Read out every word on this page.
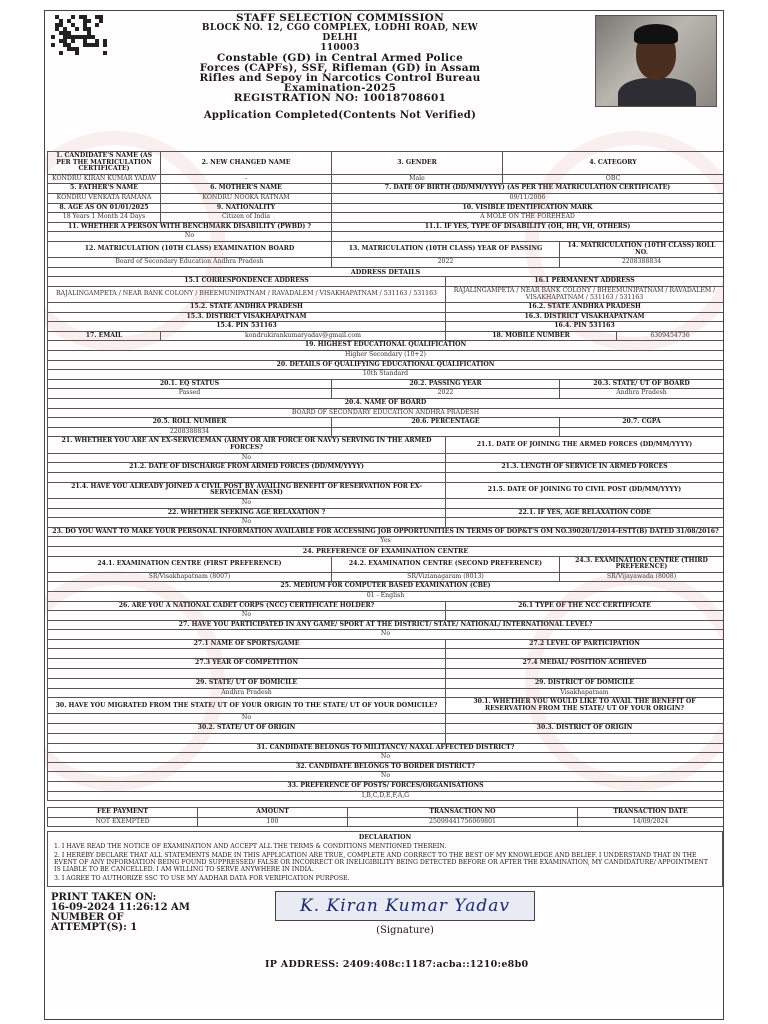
STAFF SELECTION COMMISSION
BLOCK NO. 12, CGO COMPLEX, LODHI ROAD, NEW DELHI
110003
Constable (GD) in Central Armed Police Forces (CAPFs), SSF, Rifleman (GD) in Assam Rifles and Sepoy in Narcotics Control Bureau Examination-2025
REGISTRATION NO: 10018708601
Application Completed(Contents Not Verified)
1. CANDIDATE'S NAME (AS PER THE MATRICULATION CERTIFICATE)	2. NEW CHANGED NAME	3. GENDER		4. CATEGORY		
KONDRU KIRAN KUMAR YADAV	-	Male		OBC		
5. FATHER'S NAME	6. MOTHER'S NAME	7. DATE OF BIRTH (DD/MM/YYYY) (AS PER THE MATRICULATION CERTIFICATE)				
KONDRU VENKATA RAMANA	KONDRU NOOKA RATNAM	09/11/2006				
8. AGE AS ON 01/01/2025	9. NATIONALITY	10. VISIBLE IDENTIFICATION MARK				
18 Years 1 Month 24 Days	Citizen of India	A MOLE ON THE FOREHEAD				
11. WHETHER A PERSON WITH BENCHMARK DISABILITY (PWBD) ?		11.1. IF YES, TYPE OF DISABILITY (OH, HH, VH, OTHERS)				
No						
12. MATRICULATION (10TH CLASS) EXAMINATION BOARD		13. MATRICULATION (10TH CLASS) YEAR OF PASSING			14. MATRICULATION (10TH CLASS) ROLL NO.	
Board of Secondary Education Andhra Pradesh		2022			2208388834	
ADDRESS DETAILS						
15.1 CORRESPONDENCE ADDRESS			16.1 PERMANENT ADDRESS			
RAJALINGAMPETA / NEAR BANK COLONY / BHEEMUNIPATNAM / RAVADALEM / VISAKHAPATNAM / 531163 / 531163			RAJALINGAMPETA / NEAR BANK COLONY / BHEEMUNIPATNAM / RAVADALEM / VISAKHAPATNAM / 531163 / 531163			
15.2. STATE ANDHRA PRADESH			16.2. STATE ANDHRA PRADESH			
15.3. DISTRICT VISAKHAPATNAM			16.3. DISTRICT VISAKHAPATNAM			
15.4. PIN 531163			16.4. PIN 531163			
17. EMAIL	kondrukirankumaryadav@gmail.com		18. MOBILE NUMBER			6309454736
19. HIGHEST EDUCATIONAL QUALIFICATION						
Higher Secondary (10+2)						
20. DETAILS OF QUALIFYING EDUCATIONAL QUALIFICATION						
10th Standard						
20.1. EQ STATUS		20.2. PASSING YEAR			20.3. STATE/ UT OF BOARD	
Passed		2022			Andhra Pradesh	
20.4. NAME OF BOARD						
BOARD OF SECONDARY EDUCATION ANDHRA PRADESH						
20.5. ROLL NUMBER		20.6. PERCENTAGE			20.7. CGPA	
2208388834						
21. WHETHER YOU ARE AN EX-SERVICEMAN (ARMY OR AIR FORCE OR NAVY) SERVING IN THE ARMED FORCES?			21.1. DATE OF JOINING THE ARMED FORCES (DD/MM/YYYY)			
No						
21.2. DATE OF DISCHARGE FROM ARMED FORCES (DD/MM/YYYY)			21.3. LENGTH OF SERVICE IN ARMED FORCES			

21.4. HAVE YOU ALREADY JOINED A CIVIL POST BY AVAILING BENEFIT OF RESERVATION FOR EX-SERVICEMAN (ESM)			21.5. DATE OF JOINING TO CIVIL POST (DD/MM/YYYY)			
No						
22. WHETHER SEEKING AGE RELAXATION ?			22.1. IF YES, AGE RELAXATION CODE			
No						
23. DO YOU WANT TO MAKE YOUR PERSONAL INFORMATION AVAILABLE FOR ACCESSING JOB OPPORTUNITIES IN TERMS OF DOP&T'S OM NO.39020/1/2014-ESTT(B) DATED 31/08/2016?						
Yes						
24. PREFERENCE OF EXAMINATION CENTRE						
24.1. EXAMINATION CENTRE (FIRST PREFERENCE)		24.2. EXAMINATION CENTRE (SECOND PREFERENCE)			24.3. EXAMINATION CENTRE (THIRD PREFERENCE)	
SR/Visakhapatnam (8007)		SR/Vizianagaram (8013)			SR/Vijayawada (8008)	
25. MEDIUM FOR COMPUTER BASED EXAMINATION (CBE)						
01 - English						
26. ARE YOU A NATIONAL CADET CORPS (NCC) CERTIFICATE HOLDER?			26.1 TYPE OF THE NCC CERTIFICATE			
No						
27. HAVE YOU PARTICIPATED IN ANY GAME/ SPORT AT THE DISTRICT/ STATE/ NATIONAL/ INTERNATIONAL LEVEL?						
No						
27.1 NAME OF SPORTS/GAME			27.2 LEVEL OF PARTICIPATION			

27.3 YEAR OF COMPETITION			27.4 MEDAL/ POSITION ACHIEVED			

29. STATE/ UT OF DOMICILE			29. DISTRICT OF DOMICILE			
Andhra Pradesh			Visakhapatnam			
30. HAVE YOU MIGRATED FROM THE STATE/ UT OF YOUR ORIGIN TO THE STATE/ UT OF YOUR DOMICILE?			30.1. WHETHER YOU WOULD LIKE TO AVAIL THE BENEFIT OF RESERVATION FROM THE STATE/ UT OF YOUR ORIGIN?			
No						
30.2. STATE/ UT OF ORIGIN			30.3. DISTRICT OF ORIGIN			

31. CANDIDATE BELONGS TO MILITANCY/ NAXAL AFFECTED DISTRICT?						
No						
32. CANDIDATE BELONGS TO BORDER DISTRICT?						
No						
33. PREFERENCE OF POSTS/ FORCES/ORGANISATIONS						
I,B,C,D,E,F,A,G						
FEE PAYMENT	AMOUNT	TRANSACTION NO	TRANSACTION DATE
NOT EXEMPTED	100	25099441756069801	14/09/2024
DECLARATION

1. I HAVE READ THE NOTICE OF EXAMINATION AND ACCEPT ALL THE TERMS & CONDITIONS MENTIONED THEREIN.

2. I HEREBY DECLARE THAT ALL STATEMENTS MADE IN THIS APPLICATION ARE TRUE, COMPLETE AND CORRECT TO THE BEST OF MY KNOWLEDGE AND BELIEF. I UNDERSTAND THAT IN THE EVENT OF ANY INFORMATION BEING FOUND SUPPRESSED/ FALSE OR INCORRECT OR INELIGIBILITY BEING DETECTED BEFORE OR AFTER THE EXAMINATION, MY CANDIDATURE/ APPOINTMENT IS LIABLE TO BE CANCELLED. I AM WILLING TO SERVE ANYWHERE IN INDIA.

3. I AGREE TO AUTHORIZE SSC TO USE MY AADHAR DATA FOR VERIFICATION PURPOSE.

PRINT TAKEN ON:
16-09-2024 11:26:12 AM
NUMBER OF ATTEMPT(S): 1
K. Kiran Kumar Yadav
(Signature)
IP ADDRESS: 2409:408c:1187:acba::1210:e8b0
